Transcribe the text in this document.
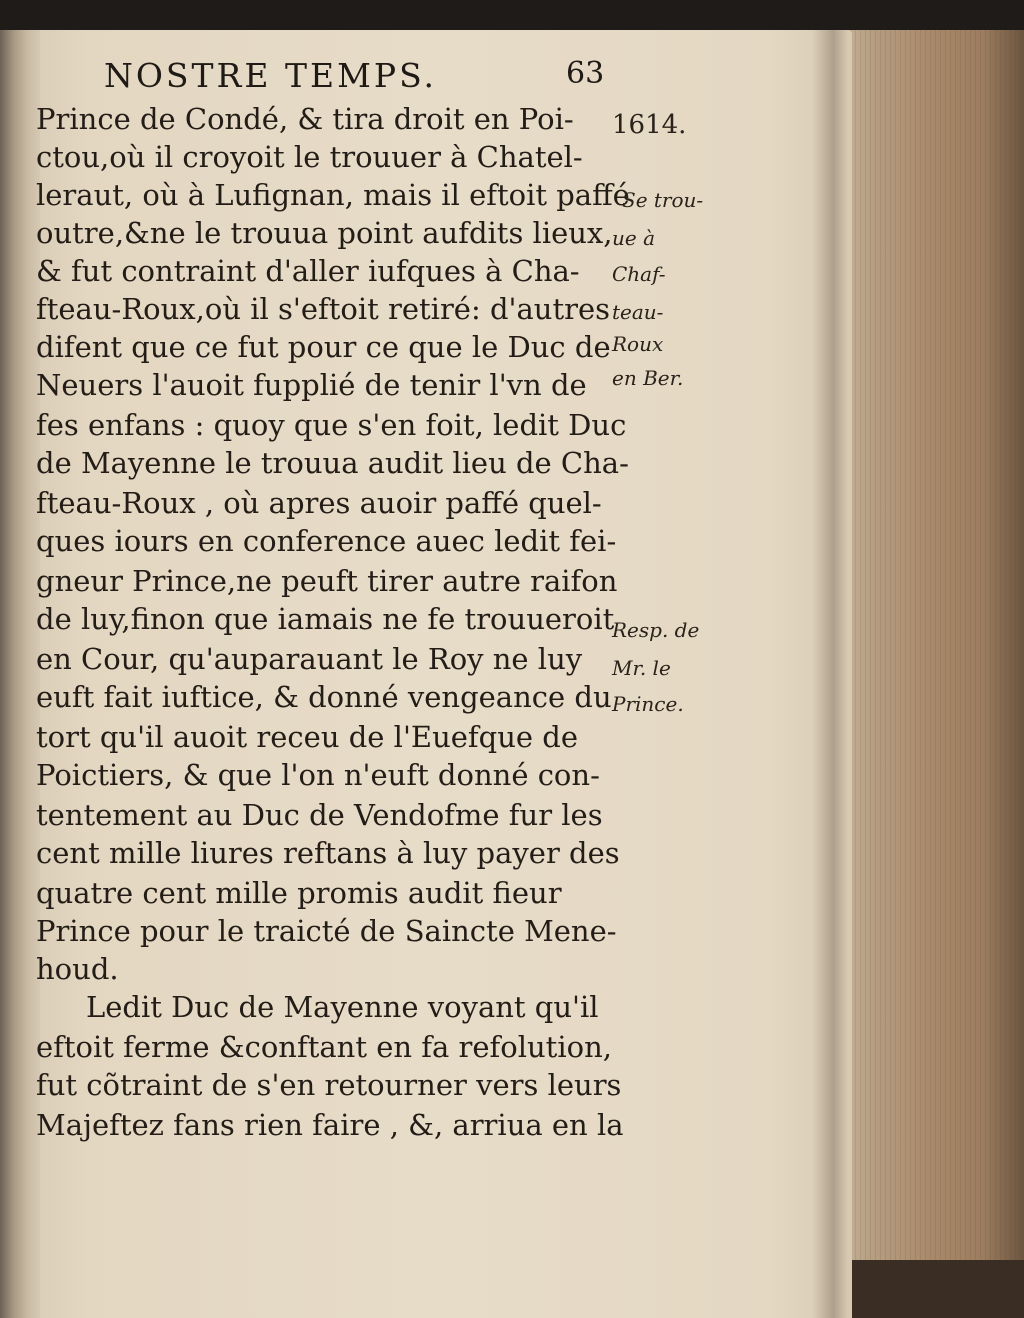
NOSTRE TEMPS.	63
Prince de Condé, & tira droit en Poi-
ctou,où il croyoit le trouuer à Chatel-
leraut, où à Lufignan, mais il eftoit paffé
outre,&ne le trouua point aufdits lieux,
& fut contraint d'aller iufques à Cha-
fteau-Roux,où il s'eftoit retiré: d'autres
difent que ce fut pour ce que le Duc de
Neuers l'auoit fupplié de tenir l'vn de
fes enfans : quoy que s'en foit, ledit Duc
de Mayenne le trouua audit lieu de Cha-
fteau-Roux , où apres auoir paffé quel-
ques iours en conference auec ledit fei-
gneur Prince,ne peuft tirer autre raifon
de luy,finon que iamais ne fe trouueroit
en Cour, qu'auparauant le Roy ne luy
euft fait iuftice, & donné vengeance du
tort qu'il auoit receu de l'Euefque de
Poictiers, & que l'on n'euft donné con-
tentement au Duc de Vendofme fur les
cent mille liures reftans à luy payer des
quatre cent mille promis audit fieur
Prince pour le traicté de Saincte Mene-
houd.
Ledit Duc de Mayenne voyant qu'il
eftoit ferme &conftant en fa refolution,
fut cõtraint de s'en retourner vers leurs
Majeftez fans rien faire , &, arriua en la
1614.
Se trou-
ue à
Chaf-
teau-
Roux
en Ber.
Resp. de
Mr. le
Prince.
